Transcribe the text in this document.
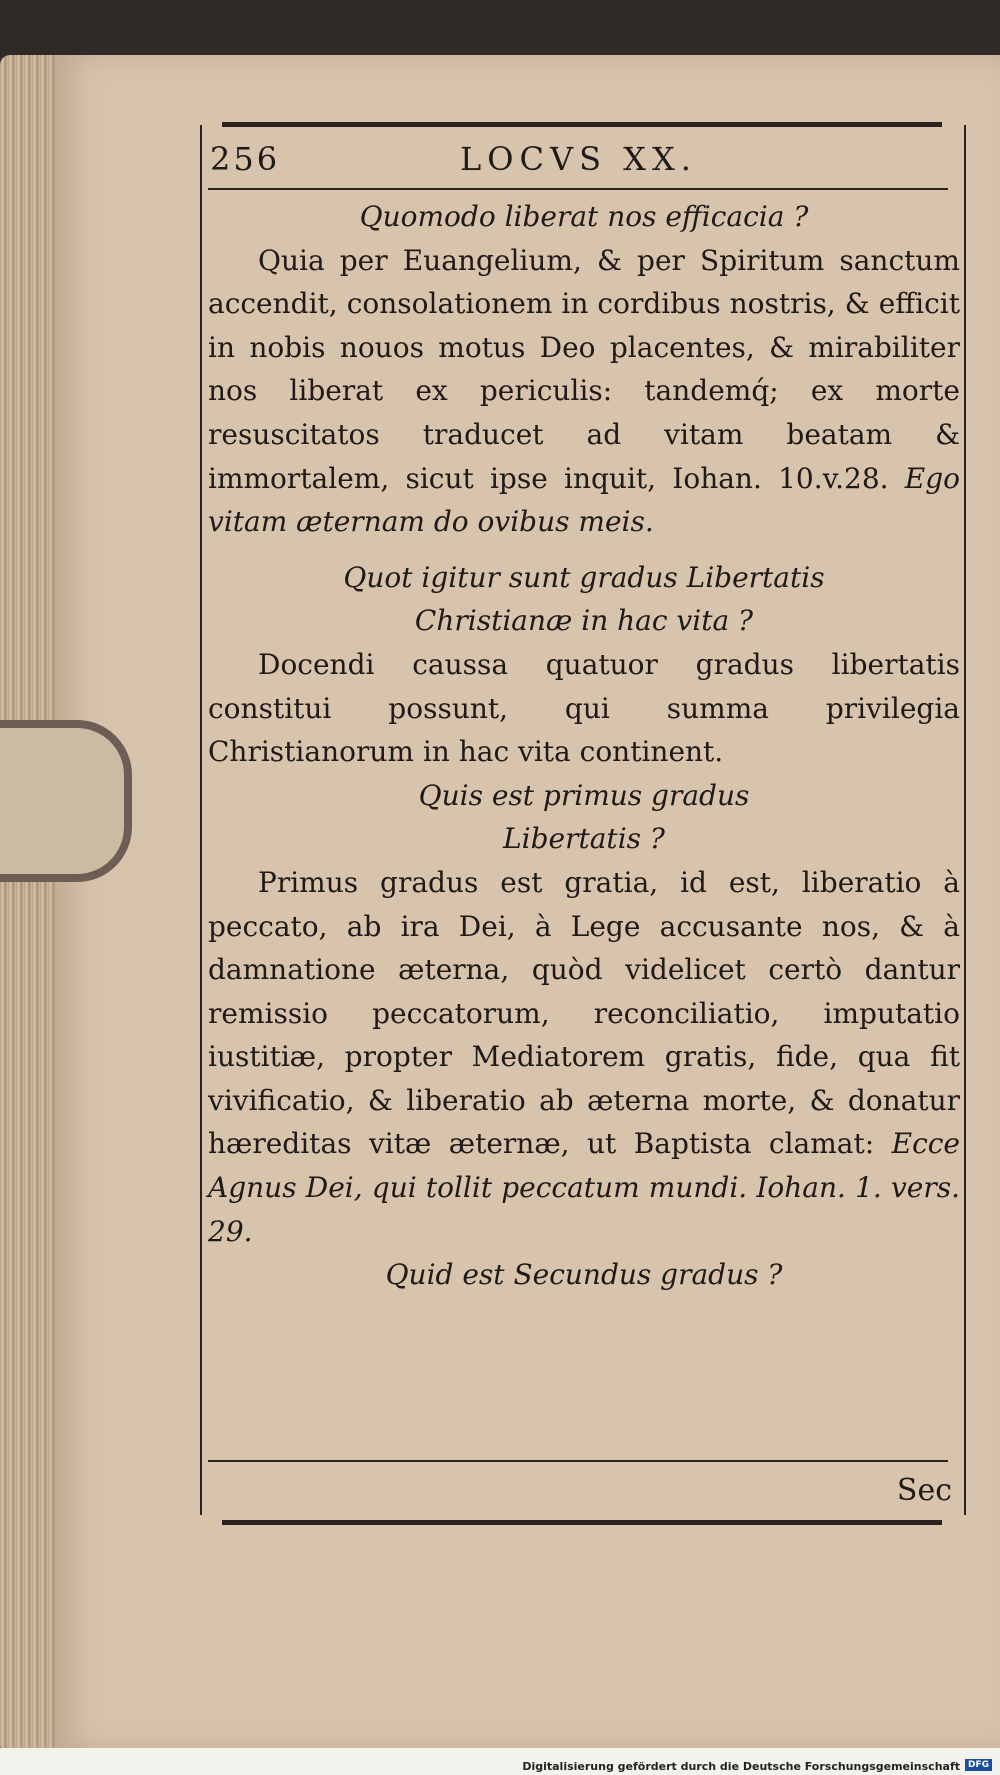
256	LOCVS XX.

Quomodo liberat nos efficacia ?

Quia per Euangelium, & per Spiritum sanctum accendit, consolationem in cordibus nostris, & efficit in nobis nouos motus Deo placentes, & mirabiliter nos liberat ex periculis: tandemq́; ex morte resuscitatos traducet ad vitam beatam & immortalem, sicut ipse inquit, Iohan. 10.v.28. Ego vitam æternam do ovibus meis.

Quot igitur sunt gradus Libertatis Christianæ in hac vita ?

Docendi caussa quatuor gradus libertatis constitui possunt, qui summa privilegia Christianorum in hac vita continent.

Quis est primus gradus Libertatis ?

Primus gradus est gratia, id est, liberatio à peccato, ab ira Dei, à Lege accusante nos, & à damnatione æterna, quòd videlicet certò dantur remissio peccatorum, reconciliatio, imputatio iustitiæ, propter Mediatorem gratis, fide, qua fit vivificatio, & liberatio ab æterna morte, & donatur hæreditas vitæ æternæ, ut Baptista clamat: Ecce Agnus Dei, qui tollit peccatum mundi. Iohan. 1. vers. 29.

Quid est Secundus gradus ?

Sec
Digitalisierung gefördert durch die Deutsche Forschungsgemeinschaft DFG
